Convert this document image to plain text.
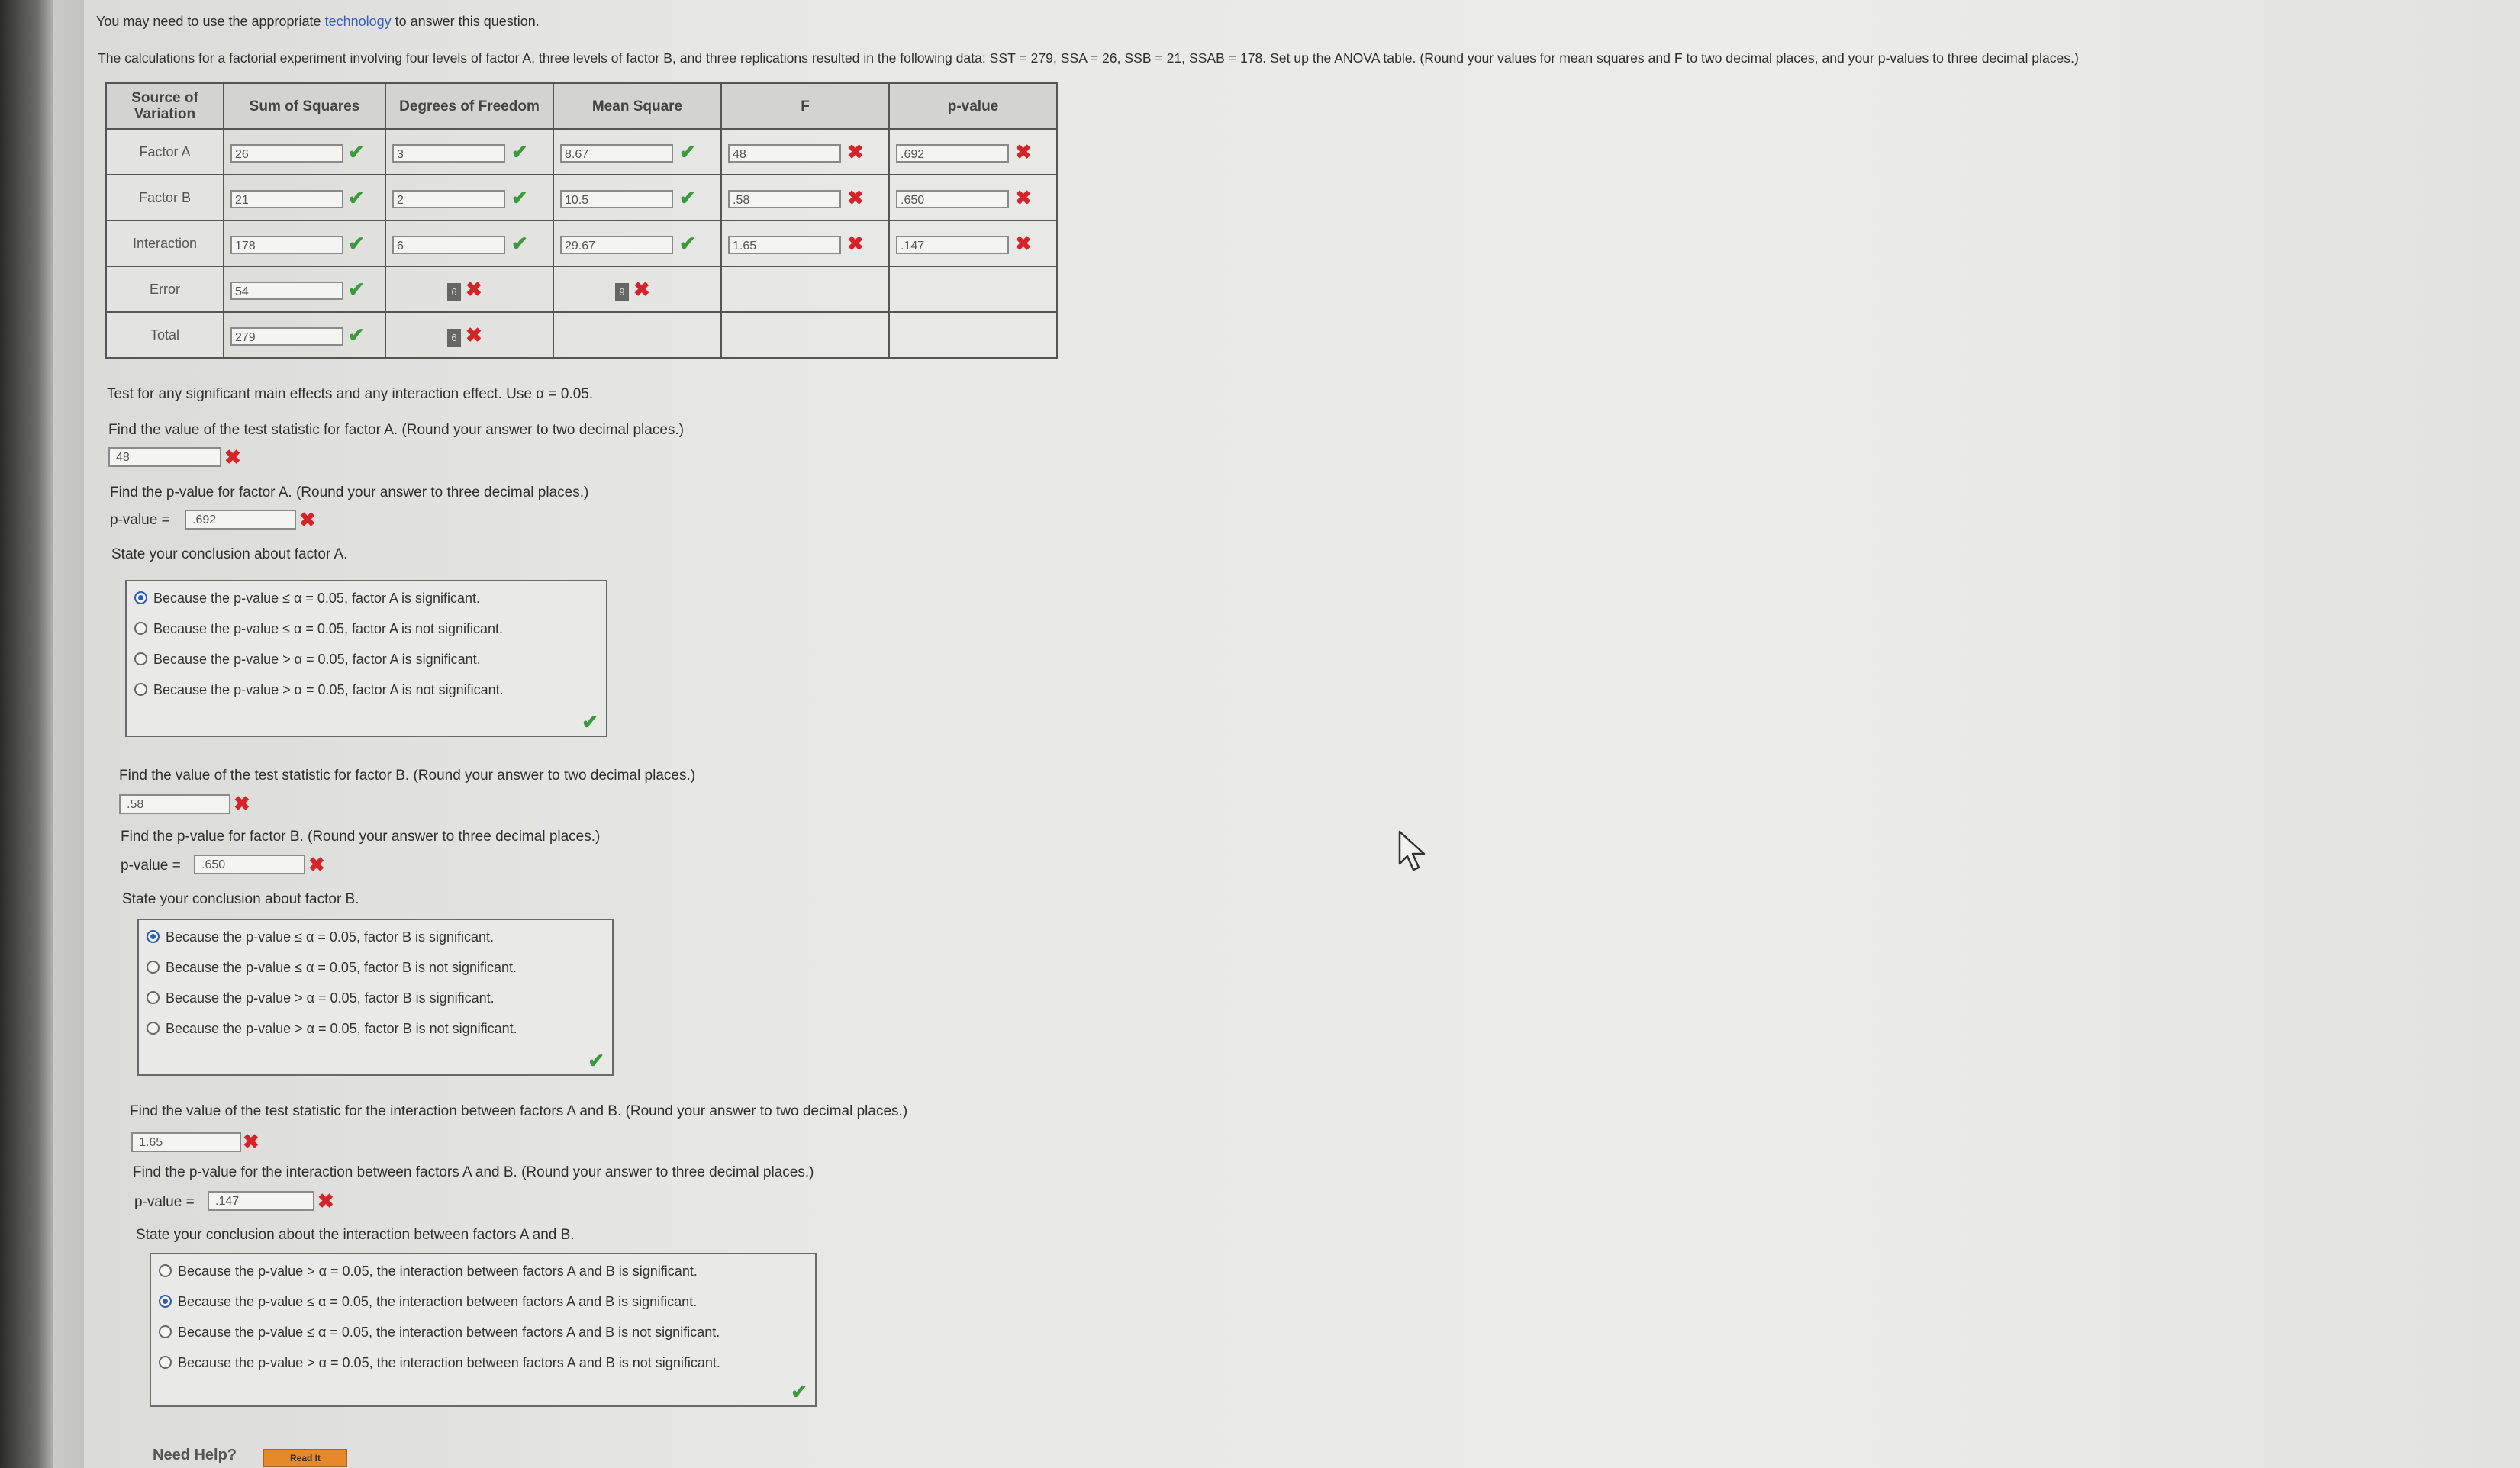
You may need to use the appropriate technology to answer this question.
The calculations for a factorial experiment involving four levels of factor A, three levels of factor B, and three replications resulted in the following data: SST = 279, SSA = 26, SSB = 21, SSAB = 178. Set up the ANOVA table. (Round your values for mean squares and F to two decimal places, and your p-values to three decimal places.)
Source of Variation	Sum of Squares	Degrees of Freedom	Mean Square	F	p-value
Factor A	26 ✔	3 ✔	8.67 ✔	48 ✖	.692 ✖

Factor B	21 ✔	2 ✔	10.5 ✔	.58 ✖	.650 ✖

Interaction	178 ✔	6 ✔	29.67 ✔	1.65 ✖	.147 ✖

Error	54 ✔	6 ✖	9 ✖		

Total	279 ✔	6 ✖			

Test for any significant main effects and any interaction effect. Use α = 0.05.
Find the value of the test statistic for factor A. (Round your answer to two decimal places.)
48	✖
Find the p-value for factor A. (Round your answer to three decimal places.)
p-value =	.692	✖
State your conclusion about factor A.
Because the p-value ≤ α = 0.05, factor A is significant.
Because the p-value ≤ α = 0.05, factor A is not significant.
Because the p-value > α = 0.05, factor A is significant.
Because the p-value > α = 0.05, factor A is not significant.
✔
Find the value of the test statistic for factor B. (Round your answer to two decimal places.)
.58	✖
Find the p-value for factor B. (Round your answer to three decimal places.)
p-value =	.650	✖
State your conclusion about factor B.
Because the p-value ≤ α = 0.05, factor B is significant.
Because the p-value ≤ α = 0.05, factor B is not significant.
Because the p-value > α = 0.05, factor B is significant.
Because the p-value > α = 0.05, factor B is not significant.
✔
Find the value of the test statistic for the interaction between factors A and B. (Round your answer to two decimal places.)
1.65	✖
Find the p-value for the interaction between factors A and B. (Round your answer to three decimal places.)
p-value =	.147	✖
State your conclusion about the interaction between factors A and B.
Because the p-value > α = 0.05, the interaction between factors A and B is significant.
Because the p-value ≤ α = 0.05, the interaction between factors A and B is significant.
Because the p-value ≤ α = 0.05, the interaction between factors A and B is not significant.
Because the p-value > α = 0.05, the interaction between factors A and B is not significant.
✔
Need Help?	Read It
